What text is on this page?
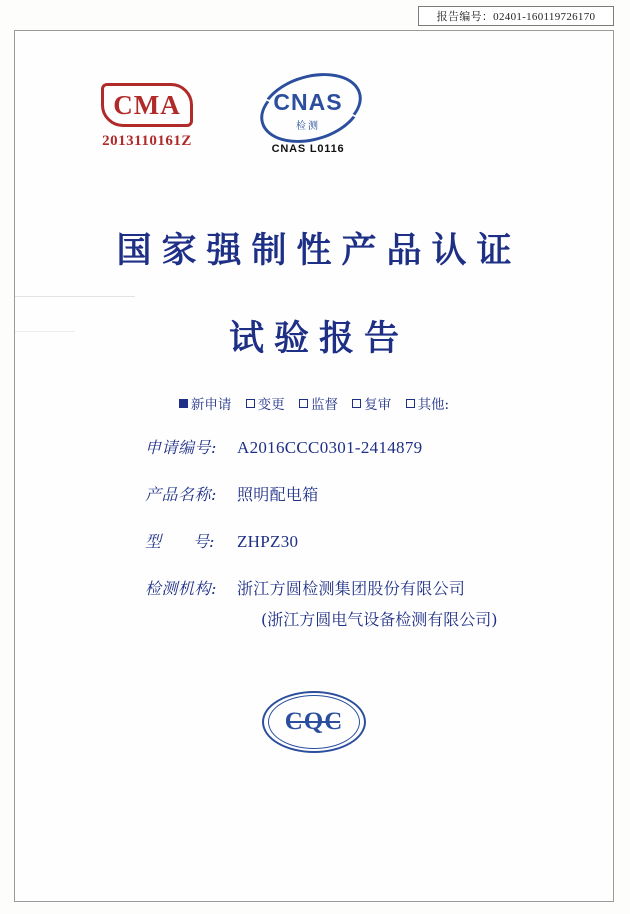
报告编号：02401-160119726170
CMA
2013110161Z
CNAS
检测
CNAS L0116
国家强制性产品认证
试验报告
新申请 变更 监督 复审 其他:
申请编号:	A2016CCC0301-2414879
产品名称:	照明配电箱
型　　号:	ZHPZ30
检测机构:	浙江方圆检测集团股份有限公司
(浙江方圆电气设备检测有限公司)
CQC
